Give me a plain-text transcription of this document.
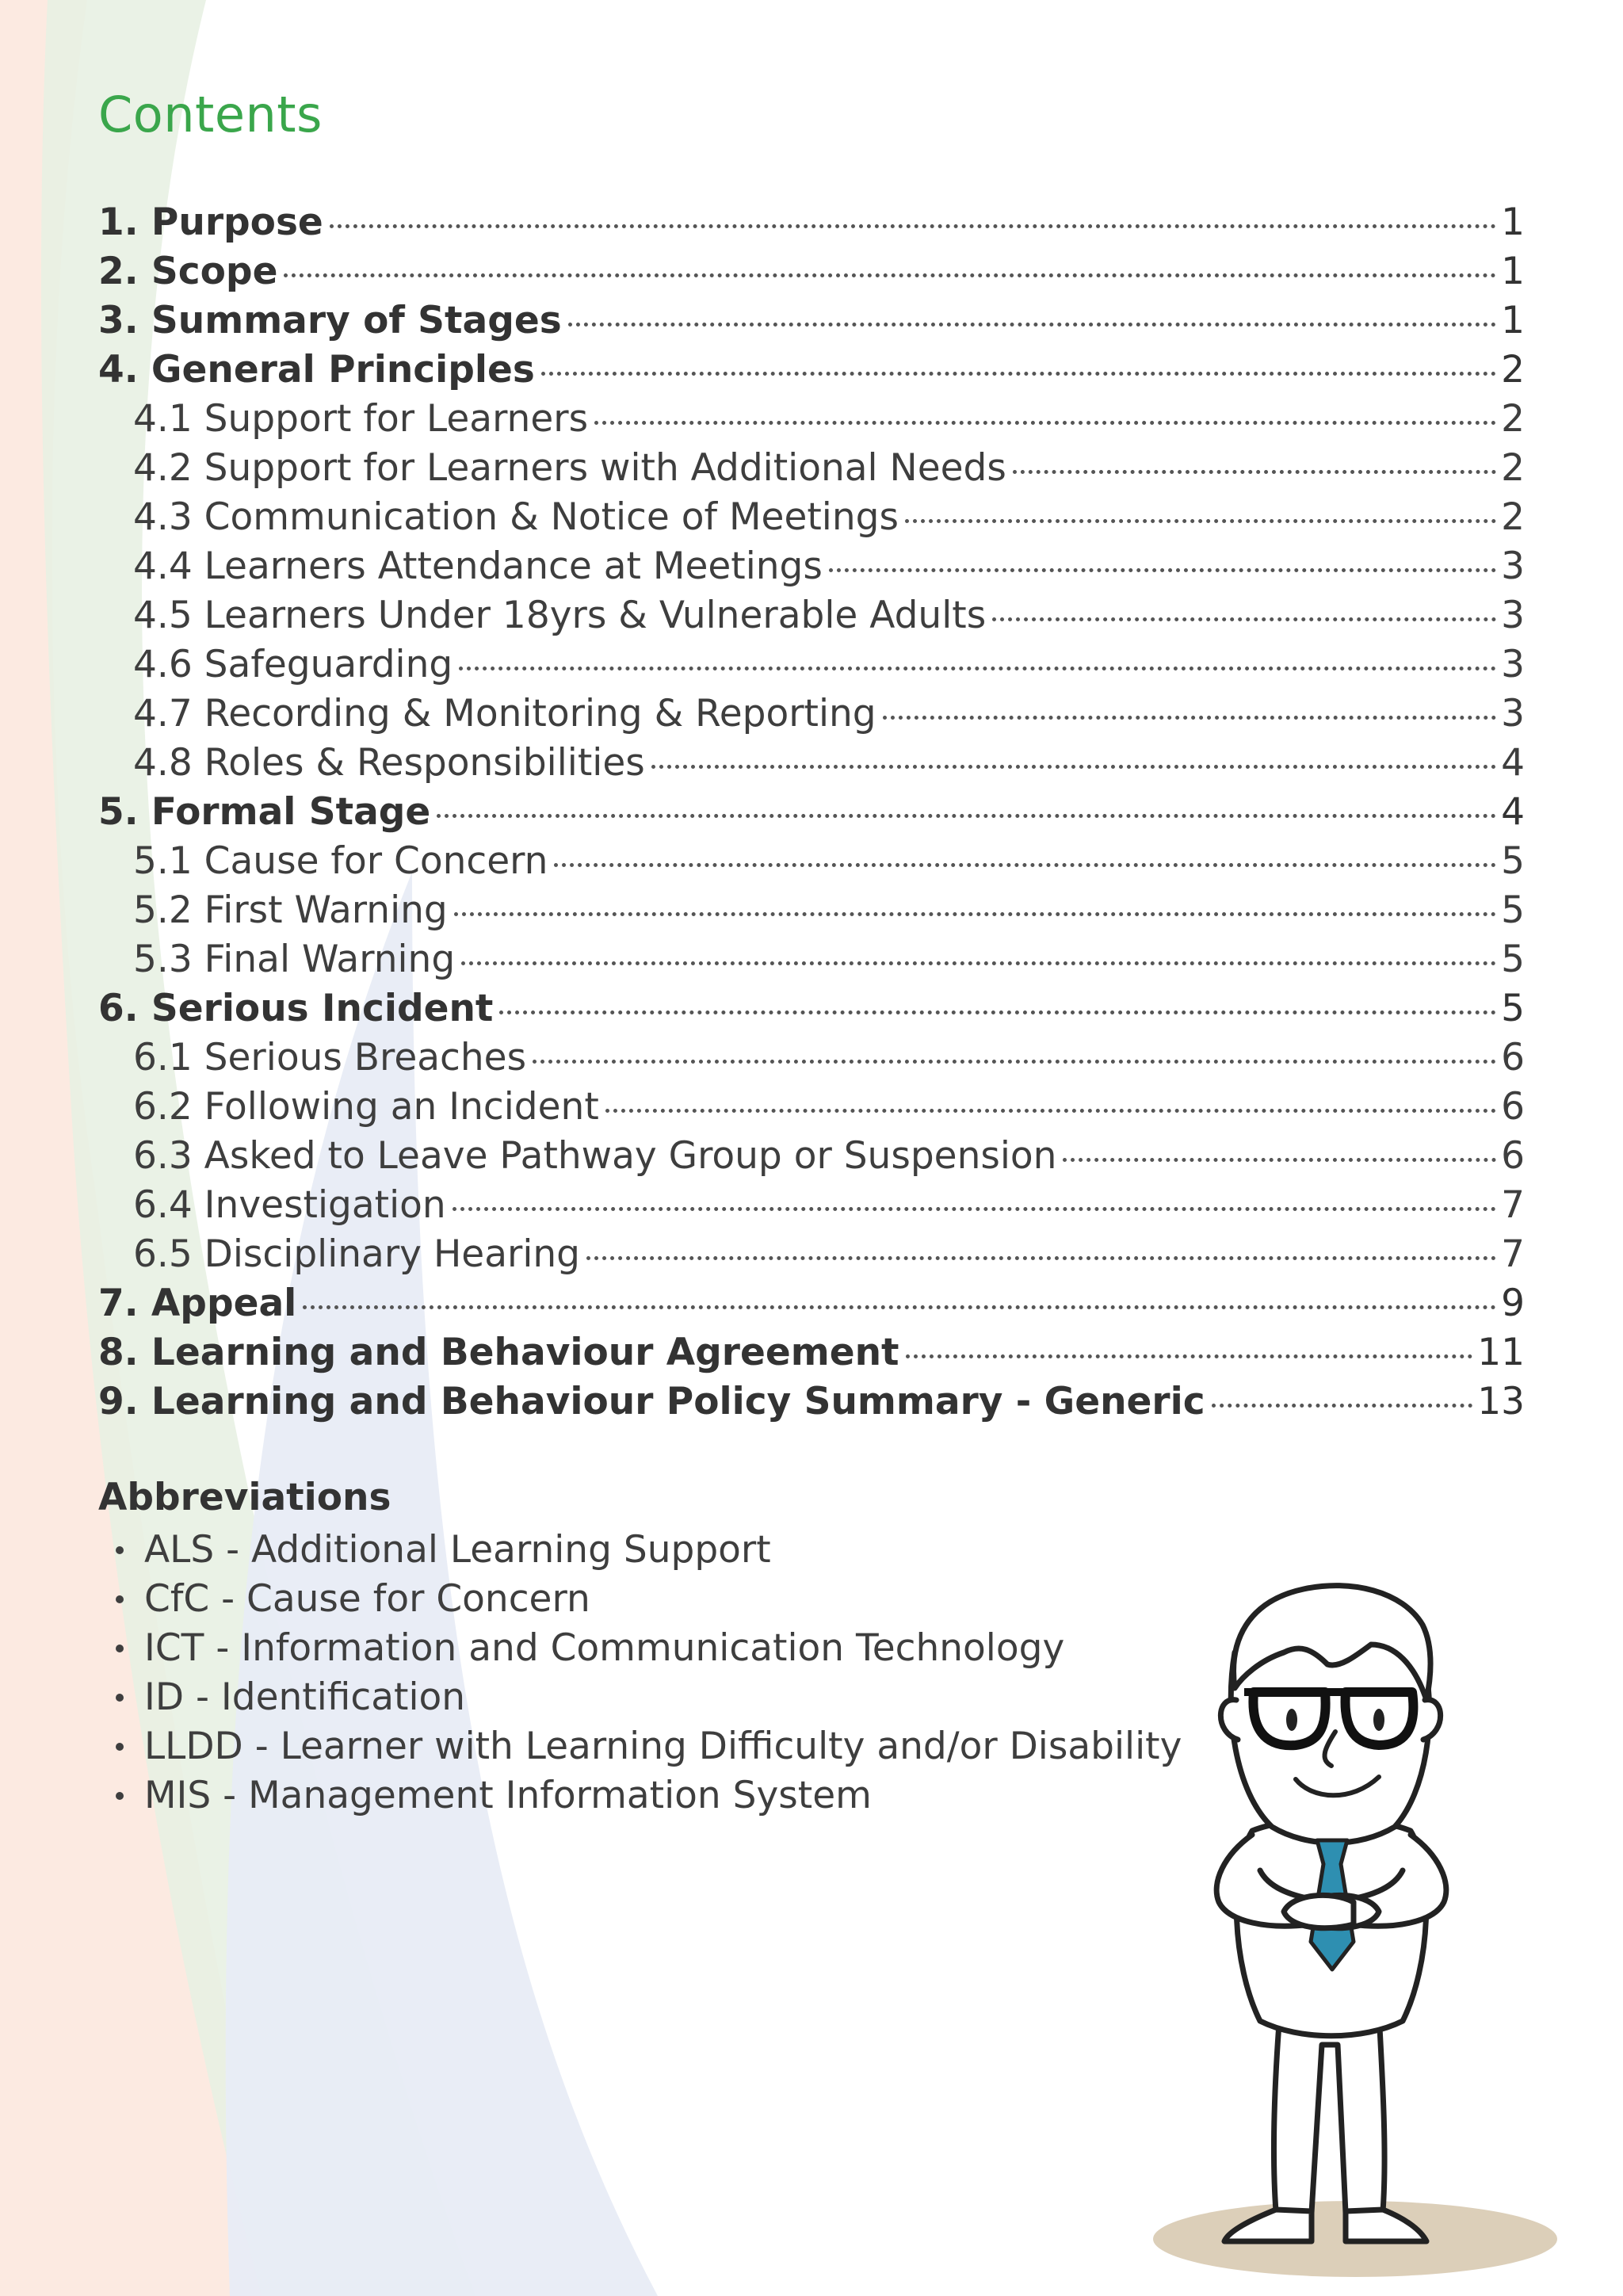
Contents
1. Purpose	1
2. Scope	1
3. Summary of Stages	1
4. General Principles	2
4.1 Support for Learners	2
4.2 Support for Learners with Additional Needs	2
4.3 Communication & Notice of Meetings	2
4.4 Learners Attendance at Meetings	3
4.5 Learners Under 18yrs & Vulnerable Adults	3
4.6 Safeguarding	3
4.7 Recording & Monitoring & Reporting	3
4.8 Roles & Responsibilities	4
5. Formal Stage	4
5.1 Cause for Concern	5
5.2 First Warning	5
5.3 Final Warning	5
6. Serious Incident	5
6.1 Serious Breaches	6
6.2 Following an Incident	6
6.3 Asked to Leave Pathway Group or Suspension	6
6.4 Investigation	7
6.5 Disciplinary Hearing	7
7. Appeal	9
8. Learning and Behaviour Agreement	11
9. Learning and Behaviour Policy Summary - Generic	13
Abbreviations
ALS - Additional Learning Support
CfC - Cause for Concern
ICT - Information and Communication Technology
ID - Identification
LLDD - Learner with Learning Difficulty and/or Disability
MIS - Management Information System
